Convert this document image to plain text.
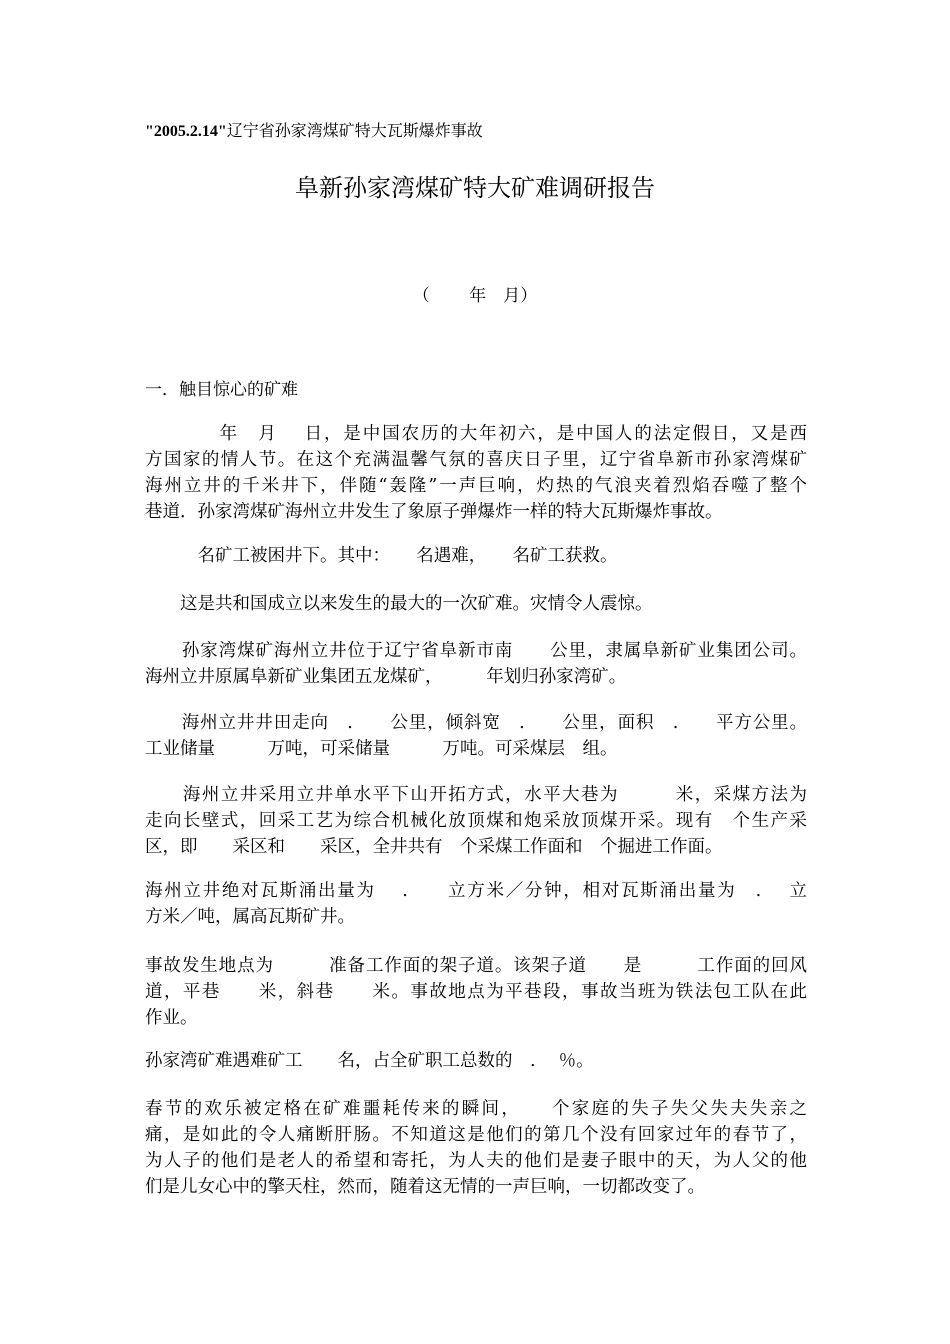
"2005.2.14"辽宁省孙家湾煤矿特大瓦斯爆炸事故
阜新孙家湾煤矿特大矿难调研报告
（　　 年　月）
一．触目惊心的矿难
年　月　 日，是中国农历的大年初六，是中国人的法定假日，又是西
方国家的情人节。在这个充满温馨气氛的喜庆日子里，辽宁省阜新市孙家湾煤矿
海州立井的千米井下，伴随“轰隆”一声巨响，灼热的气浪夹着烈焰吞噬了整个
巷道．孙家湾煤矿海州立井发生了象原子弹爆炸一样的特大瓦斯爆炸事故。
　　　名矿工被困井下。其中：　　名遇难，　　名矿工获救。
　　这是共和国成立以来发生的最大的一次矿难。灾情令人震惊。
　　孙家湾煤矿海州立井位于辽宁省阜新市南　　公里，隶属阜新矿业集团公司。
海州立井原属阜新矿业集团五龙煤矿，　　　年划归孙家湾矿。
　　海州立井井田走向　.　　公里，倾斜宽　.　　公里，面积　.　　平方公里。
工业储量　　　万吨，可采储量　　　万吨。可采煤层　组。
　　海州立井采用立井单水平下山开拓方式，水平大巷为　　　米，采煤方法为
走向长壁式，回采工艺为综合机械化放顶煤和炮采放顶煤开采。现有　个生产采
区，即　　采区和　　采区，全井共有　个采煤工作面和　个掘进工作面。
海州立井绝对瓦斯涌出量为　 .　　立方米／分钟，相对瓦斯涌出量为　.　 立
方米／吨，属高瓦斯矿井。
事故发生地点为　　　准备工作面的架子道。该架子道　　是　　　工作面的回风
道，平巷　　米，斜巷　　米。事故地点为平巷段，事故当班为铁法包工队在此
作业。
孙家湾矿难遇难矿工　　名，占全矿职工总数的　.　 ％。
春节的欢乐被定格在矿难噩耗传来的瞬间，　　个家庭的失子失父失夫失亲之
痛，是如此的令人痛断肝肠。不知道这是他们的第几个没有回家过年的春节了，
为人子的他们是老人的希望和寄托，为人夫的他们是妻子眼中的天，为人父的他
们是儿女心中的擎天柱，然而，随着这无情的一声巨响，一切都改变了。
